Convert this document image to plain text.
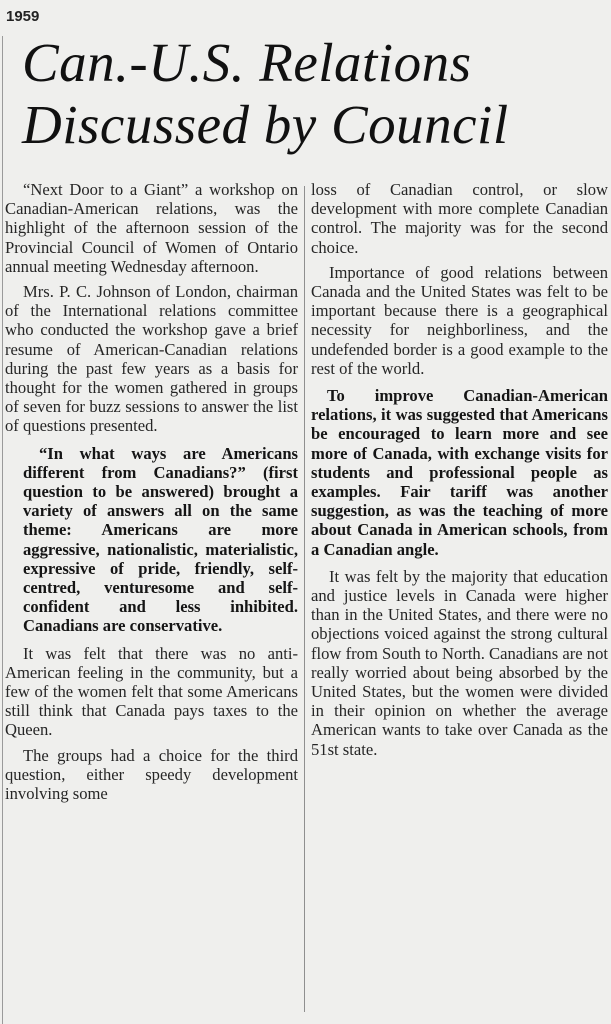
1959
Can.-U.S. Relations
Discussed by Council

“Next Door to a Giant” a workshop on Canadian-American relations, was the highlight of the afternoon session of the Provincial Council of Women of Ontario annual meeting Wednesday afternoon.

Mrs. P. C. Johnson of London, chairman of the International relations committee who conducted the workshop gave a brief resume of American-Canadian relations during the past few years as a basis for thought for the women gathered in groups of seven for buzz sessions to answer the list of questions presented.

“In what ways are Americans different from Canadians?” (first question to be answered) brought a variety of answers all on the same theme: Americans are more aggressive, nationalistic, materialistic, expressive of pride, friendly, self-centred, venturesome and self-confident and less inhibited. Canadians are conservative.

It was felt that there was no anti-American feeling in the community, but a few of the women felt that some Americans still think that Canada pays taxes to the Queen.

The groups had a choice for the third question, either speedy development involving some

loss of Canadian control, or slow development with more complete Canadian control. The majority was for the second choice.

Importance of good relations between Canada and the United States was felt to be important because there is a geographical necessity for neighborliness, and the undefended border is a good example to the rest of the world.

To improve Canadian-American relations, it was suggested that Americans be encouraged to learn more and see more of Canada, with exchange visits for students and professional people as examples. Fair tariff was another suggestion, as was the teaching of more about Canada in American schools, from a Canadian angle.

It was felt by the majority that education and justice levels in Canada were higher than in the United States, and there were no objections voiced against the strong cultural flow from South to North. Canadians are not really worried about being absorbed by the United States, but the women were divided in their opinion on whether the average American wants to take over Canada as the 51st state.
